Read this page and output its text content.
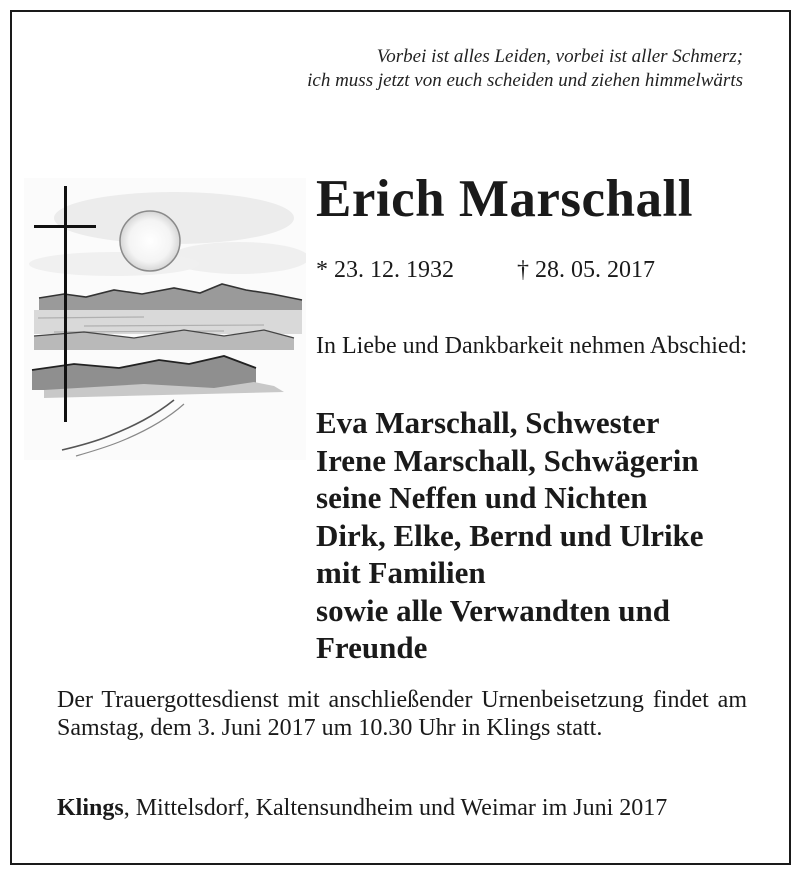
Vorbei ist alles Leiden, vorbei ist aller Schmerz;
ich muss jetzt von euch scheiden und ziehen himmelwärts
Erich Marschall
* 23. 12. 1932	† 28. 05. 2017
In Liebe und Dankbarkeit nehmen Abschied:
Eva Marschall, Schwester
Irene Marschall, Schwägerin
seine Neffen und Nichten
Dirk, Elke, Bernd und Ulrike
mit Familien
sowie alle Verwandten und
Freunde
Der Trauergottesdienst mit anschließender Urnenbeisetzung findet am Samstag, dem 3. Juni 2017 um 10.30 Uhr in Klings statt.
Klings, Mittelsdorf, Kaltensundheim und Weimar im Juni 2017
